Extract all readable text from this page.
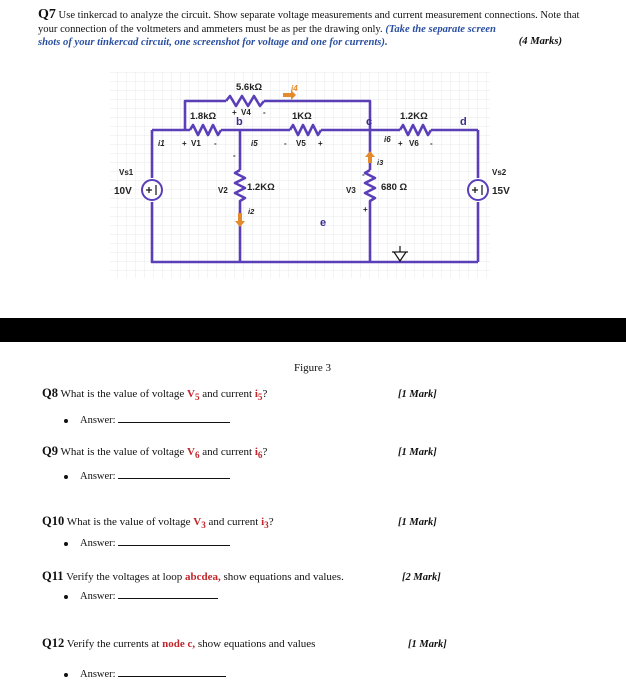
Q7 Use tinkercad to analyze the circuit. Show separate voltage measurements and current measurement connections. Note that your connection of the voltmeters and ammeters must be as per the drawing only. (Take the separate screen
shots of your tinkercad circuit, one screenshot for voltage and one for currents).	(4 Marks)
5.6kΩ	i4
+ V4 -
1.8kΩ	1KΩ	1.2KΩ
a	b	c	d
e
i1 + V1 -	i5	- V5 +	i6 + V6 -
i3
i2
1.2KΩ	680 Ω
V2	V3
-
-
+
Vs1
10V
Vs2
15V
Figure 3
Q8 What is the value of voltage $V_5$ and current $i_5$?	[1 Mark]
Answer:
Q9 What is the value of voltage $V_6$ and current $i_6$?	[1 Mark]
Answer:
Q10 What is the value of voltage $V_3$ and current $i_3$?	[1 Mark]
Answer:
Q11 Verify the voltages at loop abcdea, show equations and values.	[2 Mark]
Answer:
Q12 Verify the currents at node c, show equations and values	[1 Mark]
Answer:
